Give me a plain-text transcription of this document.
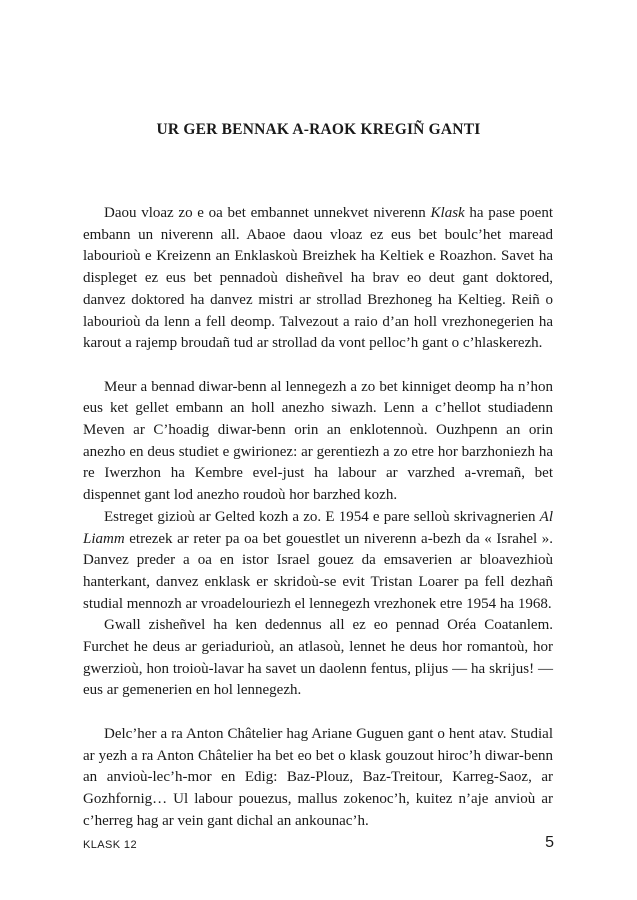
UR GER BENNAK A-RAOK KREGIÑ GANTI

Daou vloaz zo e oa bet embannet unnekvet niverenn Klask ha pase poent embann un niverenn all. Abaoe daou vloaz ez eus bet boulc’het maread labourioù e Kreizenn an Enklaskoù Breizhek ha Keltiek e Roazhon. Savet ha displeget ez eus bet pennadoù disheñvel ha brav eo deut gant doktored, danvez doktored ha danvez mistri ar strollad Brezhoneg ha Keltieg. Reiñ o labourioù da lenn a fell deomp. Talvezout a raio d’an holl vrezhonegerien ha karout a rajemp broudañ tud ar strollad da vont pelloc’h gant o c’hlaskerezh.

Meur a bennad diwar-benn al lennegezh a zo bet kinniget deomp ha n’hon eus ket gellet embann an holl anezho siwazh. Lenn a c’hellot studiadenn Meven ar C’hoadig diwar-benn orin an enklotennoù. Ouzhpenn an orin anezho en deus studiet e gwirionez: ar gerentiezh a zo etre hor barzhoniezh ha re Iwerzhon ha Kembre evel-just ha labour ar varzhed a-vremañ, bet dispennet gant lod anezho roudoù hor barzhed kozh.

Estreget gizioù ar Gelted kozh a zo. E 1954 e pare selloù skrivagnerien Al Liamm etrezek ar reter pa oa bet gouestlet un niverenn a-bezh da « Israhel ». Danvez preder a oa en istor Israel gouez da emsaverien ar bloavezhioù hanterkant, danvez enklask er skridoù-se evit Tristan Loarer pa fell dezhañ studial mennozh ar vroadelouriezh el lennegezh vrezhonek etre 1954 ha 1968.

Gwall zisheñvel ha ken dedennus all ez eo pennad Oréa Coatanlem. Furchet he deus ar geriadurioù, an atlasoù, lennet he deus hor romantoù, hor gwerzioù, hon troioù-lavar ha savet un daolenn fentus, plijus — ha skrijus! — eus ar gemenerien en hol lennegezh.

Delc’her a ra Anton Châtelier hag Ariane Guguen gant o hent atav. Studial ar yezh a ra Anton Châtelier ha bet eo bet o klask gouzout hiroc’h diwar-benn an anvioù-lec’h-mor en Edig: Baz-Plouz, Baz-Treitour, Karreg-Saoz, ar Gozhfornig… Ul labour pouezus, mallus zokenoc’h, kuitez n’aje anvioù ar c’herreg hag ar vein gant dichal an ankounac’h.

KLASK 12	5
